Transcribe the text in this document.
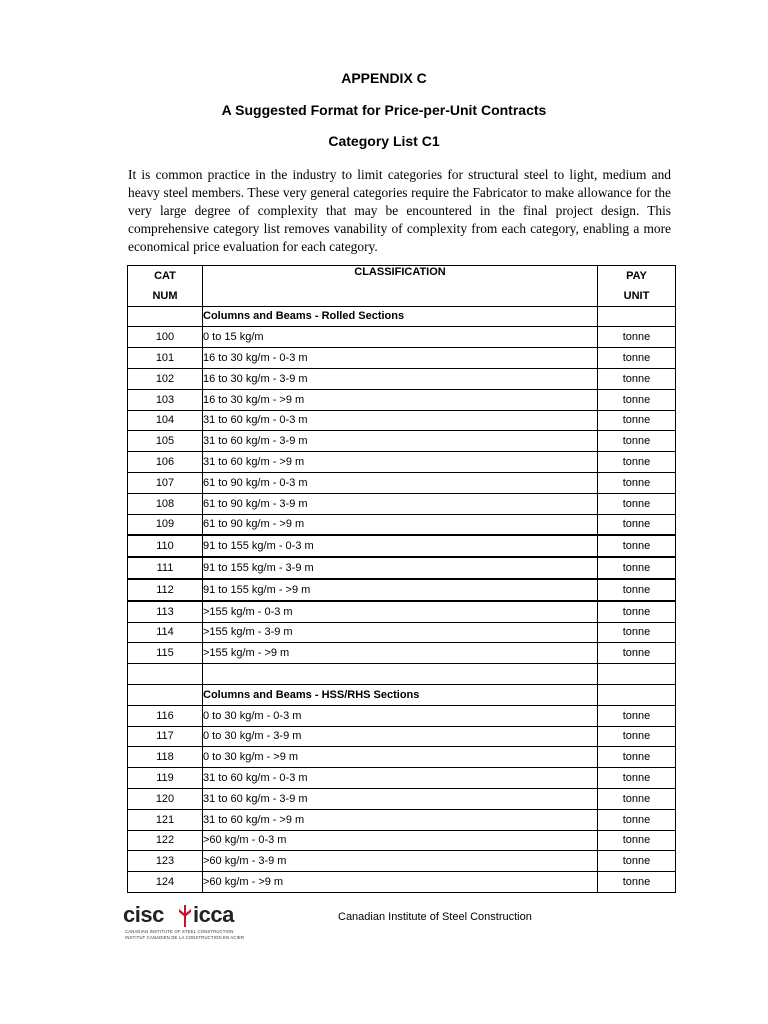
APPENDIX C
A Suggested Format for Price-per-Unit Contracts
Category List C1

It is common practice in the industry to limit categories for structural steel to light, medium and heavy steel members. These very general categories require the Fabricator to make allowance for the very large degree of complexity that may be encountered in the final project design. This comprehensive category list removes vanability of complexity from each category, enabling a more economical price evaluation for each category.

CAT	CLASSIFICATION	PAY
NUM		UNIT
	Columns and Beams - Rolled Sections	
100	0 to 15 kg/m	tonne
101	16 to 30 kg/m - 0-3 m	tonne
102	16 to 30 kg/m - 3-9 m	tonne
103	16 to 30 kg/m - >9 m	tonne
104	31 to 60 kg/m - 0-3 m	tonne
105	31 to 60 kg/m - 3-9 m	tonne
106	31 to 60 kg/m - >9 m	tonne
107	61 to 90 kg/m - 0-3 m	tonne
108	61 to 90 kg/m - 3-9 m	tonne
109	61 to 90 kg/m - >9 m	tonne
110	91 to 155 kg/m - 0-3 m	tonne
111	91 to 155 kg/m - 3-9 m	tonne
112	91 to 155 kg/m - >9 m	tonne
113	>155 kg/m - 0-3 m	tonne
114	>155 kg/m - 3-9 m	tonne
115	>155 kg/m - >9 m	tonne

	Columns and Beams - HSS/RHS Sections	
116	0 to 30 kg/m - 0-3 m	tonne
117	0 to 30 kg/m - 3-9 m	tonne
118	0 to 30 kg/m - >9 m	tonne
119	31 to 60 kg/m - 0-3 m	tonne
120	31 to 60 kg/m - 3-9 m	tonne
121	31 to 60 kg/m - >9 m	tonne
122	>60 kg/m - 0-3 m	tonne
123	>60 kg/m - 3-9 m	tonne
124	>60 kg/m - >9 m	tonne
cisc icca
CANADIAN INSTITUTE OF STEEL CONSTRUCTION
INSTITUT CANADIEN DE LA CONSTRUCTION EN ACIER
Canadian Institute of Steel Construction
